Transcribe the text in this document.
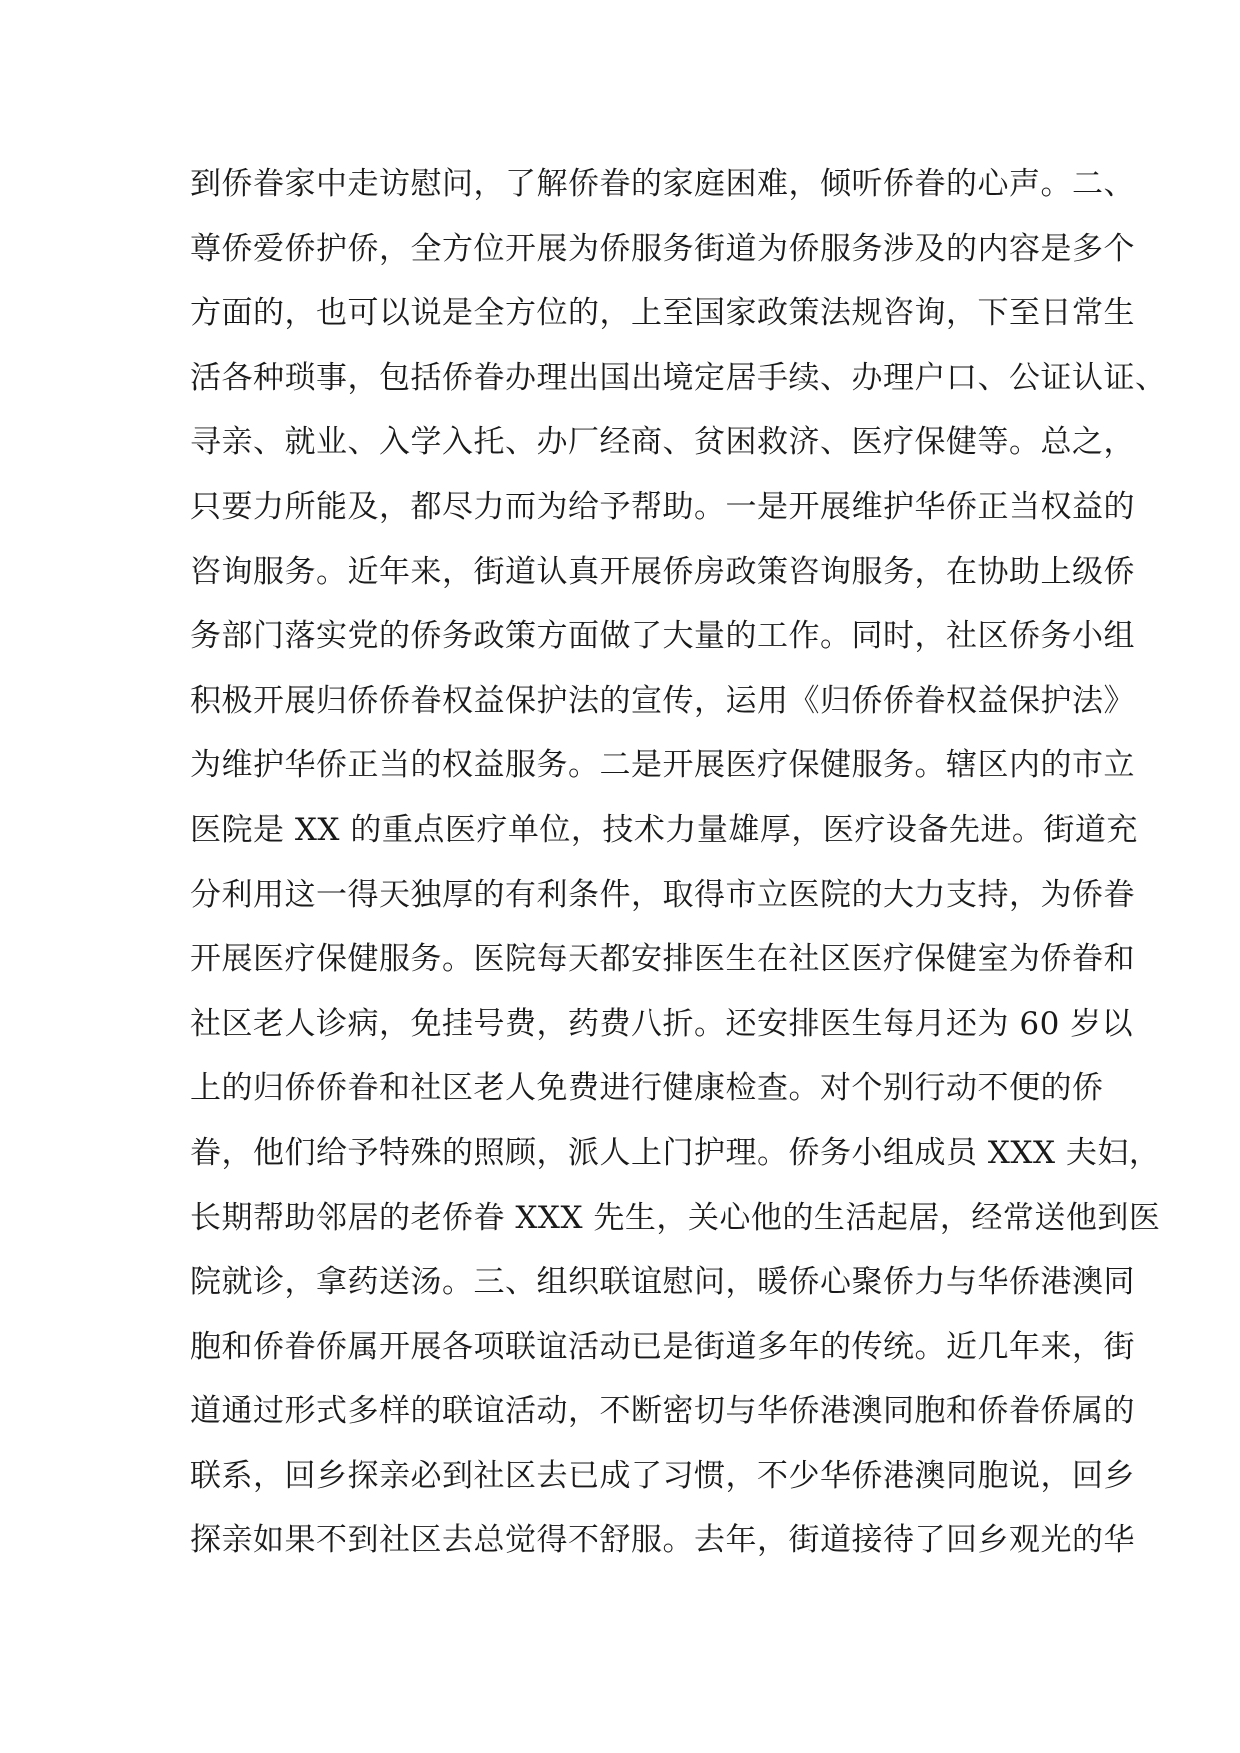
到侨眷家中走访慰问，了解侨眷的家庭困难，倾听侨眷的心声。二、
尊侨爱侨护侨，全方位开展为侨服务街道为侨服务涉及的内容是多个
方面的，也可以说是全方位的，上至国家政策法规咨询，下至日常生
活各种琐事，包括侨眷办理出国出境定居手续、办理户口、公证认证、
寻亲、就业、入学入托、办厂经商、贫困救济、医疗保健等。总之，
只要力所能及，都尽力而为给予帮助。一是开展维护华侨正当权益的
咨询服务。近年来，街道认真开展侨房政策咨询服务，在协助上级侨
务部门落实党的侨务政策方面做了大量的工作。同时，社区侨务小组
积极开展归侨侨眷权益保护法的宣传，运用《归侨侨眷权益保护法》
为维护华侨正当的权益服务。二是开展医疗保健服务。辖区内的市立
医院是 XX 的重点医疗单位，技术力量雄厚，医疗设备先进。街道充
分利用这一得天独厚的有利条件，取得市立医院的大力支持，为侨眷
开展医疗保健服务。医院每天都安排医生在社区医疗保健室为侨眷和
社区老人诊病，免挂号费，药费八折。还安排医生每月还为 60 岁以
上的归侨侨眷和社区老人免费进行健康检查。对个别行动不便的侨
眷，他们给予特殊的照顾，派人上门护理。侨务小组成员 XXX 夫妇，
长期帮助邻居的老侨眷 XXX 先生，关心他的生活起居，经常送他到医
院就诊，拿药送汤。三、组织联谊慰问，暖侨心聚侨力与华侨港澳同
胞和侨眷侨属开展各项联谊活动已是街道多年的传统。近几年来，街
道通过形式多样的联谊活动，不断密切与华侨港澳同胞和侨眷侨属的
联系，回乡探亲必到社区去已成了习惯，不少华侨港澳同胞说，回乡
探亲如果不到社区去总觉得不舒服。去年，街道接待了回乡观光的华
